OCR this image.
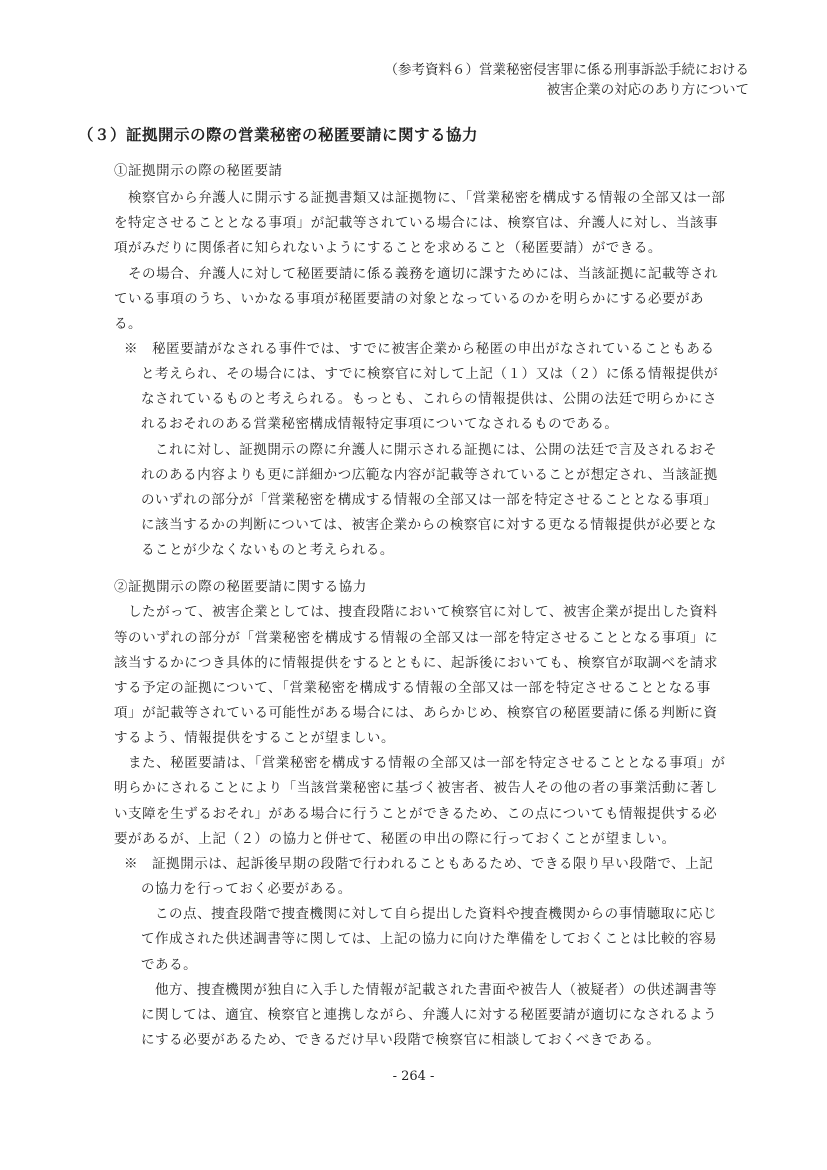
（参考資料６）営業秘密侵害罪に係る刑事訴訟手続における
被害企業の対応のあり方について
（３）証拠開示の際の営業秘密の秘匿要請に関する協力
①証拠開示の際の秘匿要請
検察官から弁護人に開示する証拠書類又は証拠物に、「営業秘密を構成する情報の全部又は一部
を特定させることとなる事項」が記載等されている場合には、検察官は、弁護人に対し、当該事
項がみだりに関係者に知られないようにすることを求めること（秘匿要請）ができる。
その場合、弁護人に対して秘匿要請に係る義務を適切に課すためには、当該証拠に記載等され
ている事項のうち、いかなる事項が秘匿要請の対象となっているのかを明らかにする必要があ
る。
※　秘匿要請がなされる事件では、すでに被害企業から秘匿の申出がなされていることもある
と考えられ、その場合には、すでに検察官に対して上記（１）又は（２）に係る情報提供が
なされているものと考えられる。もっとも、これらの情報提供は、公開の法廷で明らかにさ
れるおそれのある営業秘密構成情報特定事項についてなされるものである。
これに対し、証拠開示の際に弁護人に開示される証拠には、公開の法廷で言及されるおそ
れのある内容よりも更に詳細かつ広範な内容が記載等されていることが想定され、当該証拠
のいずれの部分が「営業秘密を構成する情報の全部又は一部を特定させることとなる事項」
に該当するかの判断については、被害企業からの検察官に対する更なる情報提供が必要とな
ることが少なくないものと考えられる。
②証拠開示の際の秘匿要請に関する協力
したがって、被害企業としては、捜査段階において検察官に対して、被害企業が提出した資料
等のいずれの部分が「営業秘密を構成する情報の全部又は一部を特定させることとなる事項」に
該当するかにつき具体的に情報提供をするとともに、起訴後においても、検察官が取調べを請求
する予定の証拠について、「営業秘密を構成する情報の全部又は一部を特定させることとなる事
項」が記載等されている可能性がある場合には、あらかじめ、検察官の秘匿要請に係る判断に資
するよう、情報提供をすることが望ましい。
また、秘匿要請は、「営業秘密を構成する情報の全部又は一部を特定させることとなる事項」が
明らかにされることにより「当該営業秘密に基づく被害者、被告人その他の者の事業活動に著し
い支障を生ずるおそれ」がある場合に行うことができるため、この点についても情報提供する必
要があるが、上記（２）の協力と併せて、秘匿の申出の際に行っておくことが望ましい。
※　証拠開示は、起訴後早期の段階で行われることもあるため、できる限り早い段階で、上記
の協力を行っておく必要がある。
この点、捜査段階で捜査機関に対して自ら提出した資料や捜査機関からの事情聴取に応じ
て作成された供述調書等に関しては、上記の協力に向けた準備をしておくことは比較的容易
である。
他方、捜査機関が独自に入手した情報が記載された書面や被告人（被疑者）の供述調書等
に関しては、適宜、検察官と連携しながら、弁護人に対する秘匿要請が適切になされるよう
にする必要があるため、できるだけ早い段階で検察官に相談しておくべきである。
- 264 -
